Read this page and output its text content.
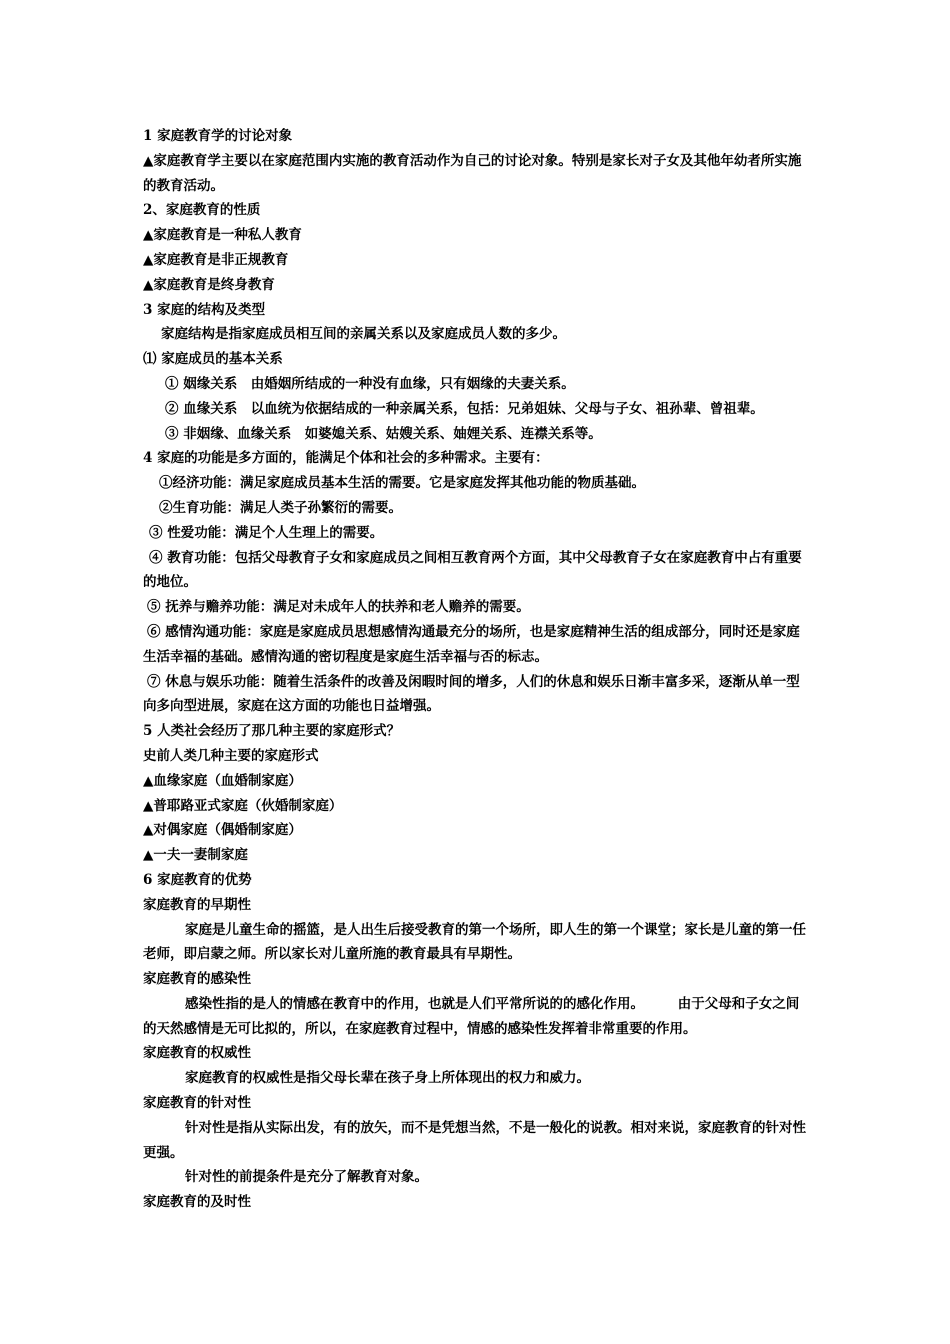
1 家庭教育学的讨论对象

▲家庭教育学主要以在家庭范围内实施的教育活动作为自己的讨论对象。特别是家长对子女及其他年幼者所实施的教育活动。

2、家庭教育的性质

▲家庭教育是一种私人教育

▲家庭教育是非正规教育

▲家庭教育是终身教育

3 家庭的结构及类型

家庭结构是指家庭成员相互间的亲属关系以及家庭成员人数的多少。

⑴ 家庭成员的基本关系

① 姻缘关系　由婚姻所结成的一种没有血缘，只有姻缘的夫妻关系。

② 血缘关系　以血统为依据结成的一种亲属关系，包括：兄弟姐妹、父母与子女、祖孙辈、曾祖辈。

③ 非姻缘、血缘关系　如婆媳关系、姑嫂关系、妯娌关系、连襟关系等。

4 家庭的功能是多方面的，能满足个体和社会的多种需求。主要有：

①经济功能：满足家庭成员基本生活的需要。它是家庭发挥其他功能的物质基础。

②生育功能：满足人类子孙繁衍的需要。

③ 性爱功能：满足个人生理上的需要。

④ 教育功能：包括父母教育子女和家庭成员之间相互教育两个方面，其中父母教育子女在家庭教育中占有重要的地位。

⑤ 抚养与赡养功能：满足对未成年人的扶养和老人赡养的需要。

⑥ 感情沟通功能：家庭是家庭成员思想感情沟通最充分的场所，也是家庭精神生活的组成部分，同时还是家庭生活幸福的基础。感情沟通的密切程度是家庭生活幸福与否的标志。

⑦ 休息与娱乐功能：随着生活条件的改善及闲暇时间的增多，人们的休息和娱乐日渐丰富多采，逐渐从单一型向多向型进展，家庭在这方面的功能也日益增强。

5 人类社会经历了那几种主要的家庭形式？

史前人类几种主要的家庭形式

▲血缘家庭（血婚制家庭）

▲普耶路亚式家庭（伙婚制家庭）

▲对偶家庭（偶婚制家庭）

▲一夫一妻制家庭

6 家庭教育的优势

家庭教育的早期性

家庭是儿童生命的摇篮，是人出生后接受教育的第一个场所，即人生的第一个课堂；家长是儿童的第一任老师，即启蒙之师。所以家长对儿童所施的教育最具有早期性。

家庭教育的感染性

感染性指的是人的情感在教育中的作用，也就是人们平常所说的的感化作用。　　　由于父母和子女之间的天然感情是无可比拟的，所以，在家庭教育过程中，情感的感染性发挥着非常重要的作用。

家庭教育的权威性

家庭教育的权威性是指父母长辈在孩子身上所体现出的权力和威力。

家庭教育的针对性

针对性是指从实际出发，有的放矢，而不是凭想当然，不是一般化的说教。相对来说，家庭教育的针对性更强。

针对性的前提条件是充分了解教育对象。

家庭教育的及时性
